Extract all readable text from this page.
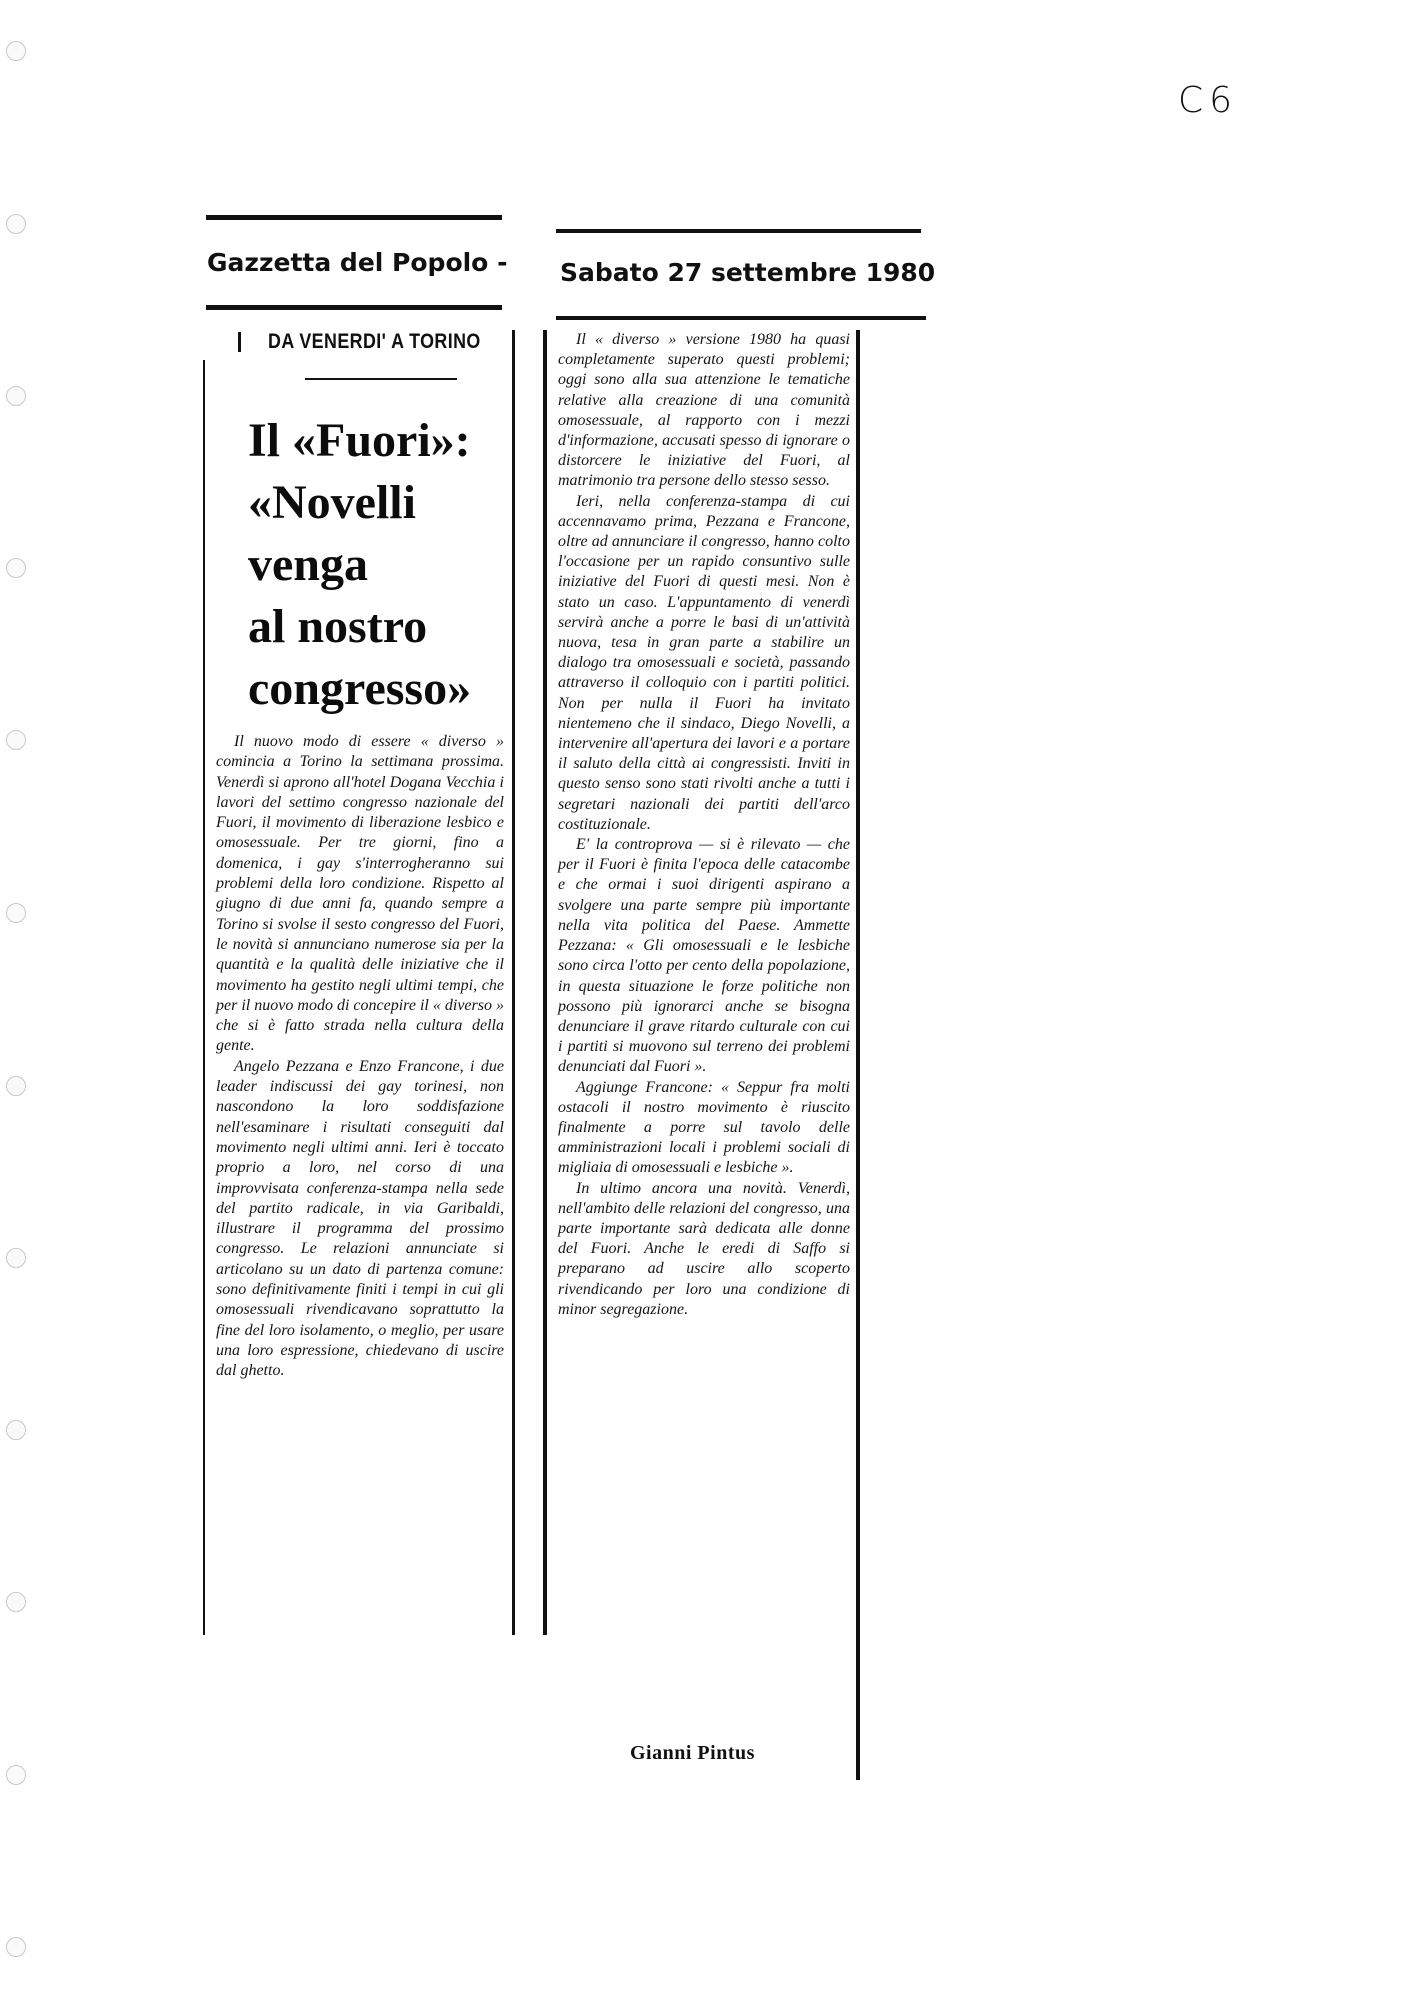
C6
Gazzetta del Popolo - Sabato 27 settembre 1980
DA VENERDI' A TORINO
Il «Fuori»:
«Novelli
venga
al nostro
congresso»

Il nuovo modo di essere « diverso » comincia a Torino la settimana prossima. Venerdì si aprono all'hotel Dogana Vecchia i lavori del settimo congresso nazionale del Fuori, il movimento di liberazione lesbico e omosessuale. Per tre giorni, fino a domenica, i gay s'interrogheranno sui problemi della loro condizione. Rispetto al giugno di due anni fa, quando sempre a Torino si svolse il sesto congresso del Fuori, le novità si annunciano numerose sia per la quantità e la qualità delle iniziative che il movimento ha gestito negli ultimi tempi, che per il nuovo modo di concepire il « diverso » che si è fatto strada nella cultura della gente.

Angelo Pezzana e Enzo Francone, i due leader indiscussi dei gay torinesi, non nascondono la loro soddisfazione nell'esaminare i risultati conseguiti dal movimento negli ultimi anni. Ieri è toccato proprio a loro, nel corso di una improvvisata conferenza-stampa nella sede del partito radicale, in via Garibaldi, illustrare il programma del prossimo congresso. Le relazioni annunciate si articolano su un dato di partenza comune: sono definitivamente finiti i tempi in cui gli omosessuali rivendicavano soprattutto la fine del loro isolamento, o meglio, per usare una loro espressione, chiedevano di uscire dal ghetto.

Il « diverso » versione 1980 ha quasi completamente superato questi problemi; oggi sono alla sua attenzione le tematiche relative alla creazione di una comunità omosessuale, al rapporto con i mezzi d'informazione, accusati spesso di ignorare o distorcere le iniziative del Fuori, al matrimonio tra persone dello stesso sesso.

Ieri, nella conferenza-stampa di cui accennavamo prima, Pezzana e Francone, oltre ad annunciare il congresso, hanno colto l'occasione per un rapido consuntivo sulle iniziative del Fuori di questi mesi. Non è stato un caso. L'appuntamento di venerdì servirà anche a porre le basi di un'attività nuova, tesa in gran parte a stabilire un dialogo tra omosessuali e società, passando attraverso il colloquio con i partiti politici. Non per nulla il Fuori ha invitato nientemeno che il sindaco, Diego Novelli, a intervenire all'apertura dei lavori e a portare il saluto della città ai congressisti. Inviti in questo senso sono stati rivolti anche a tutti i segretari nazionali dei partiti dell'arco costituzionale.

E' la controprova — si è rilevato — che per il Fuori è finita l'epoca delle catacombe e che ormai i suoi dirigenti aspirano a svolgere una parte sempre più importante nella vita politica del Paese. Ammette Pezzana: « Gli omosessuali e le lesbiche sono circa l'otto per cento della popolazione, in questa situazione le forze politiche non possono più ignorarci anche se bisogna denunciare il grave ritardo culturale con cui i partiti si muovono sul terreno dei problemi denunciati dal Fuori ».

Aggiunge Francone: « Seppur fra molti ostacoli il nostro movimento è riuscito finalmente a porre sul tavolo delle amministrazioni locali i problemi sociali di migliaia di omosessuali e lesbiche ».

In ultimo ancora una novità. Venerdì, nell'ambito delle relazioni del congresso, una parte importante sarà dedicata alle donne del Fuori. Anche le eredi di Saffo si preparano ad uscire allo scoperto rivendicando per loro una condizione di minor segregazione.

Gianni Pintus
